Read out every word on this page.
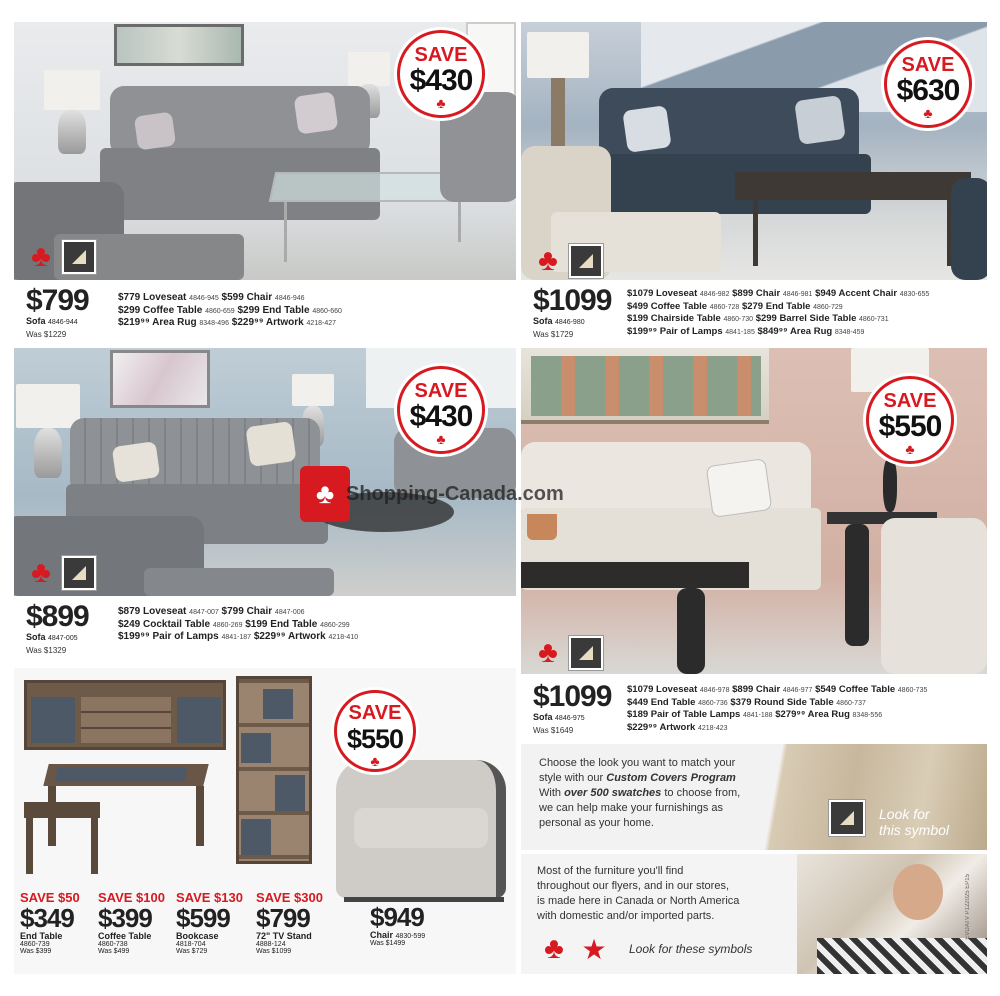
SAVE
$430
♣
♣
$799
Sofa 4846-944
Was $1229
$779 Loveseat 4846-945 $599 Chair 4846-946
$299 Coffee Table 4860-659 $299 End Table 4860-660
$219⁹⁹ Area Rug 8348-496 $229⁹⁹ Artwork 4218-427
SAVE
$630
♣
♣
$1099
Sofa 4846-980
Was $1729
$1079 Loveseat 4846-982 $899 Chair 4846-981 $949 Accent Chair 4830-655
$499 Coffee Table 4860-728 $279 End Table 4860-729
$199 Chairside Table 4860-730 $299 Barrel Side Table 4860-731
$199⁹⁹ Pair of Lamps 4841-185 $849⁹⁹ Area Rug 8348-459
SAVE
$430
♣
♣
$899
Sofa 4847-005
Was $1329
$879 Loveseat 4847-007 $799 Chair 4847-006
$249 Cocktail Table 4860-269 $199 End Table 4860-299
$199⁹⁹ Pair of Lamps 4841-187 $229⁹⁹ Artwork 4218-410
SAVE
$550
♣
♣
$1099
Sofa 4846-975
Was $1649
$1079 Loveseat 4846-978 $899 Chair 4846-977 $549 Coffee Table 4860-735
$449 End Table 4860-736 $379 Round Side Table 4860-737
$189 Pair of Table Lamps 4841-188 $279⁹⁹ Area Rug 8348-556
$229⁹⁹ Artwork 4218-423
SAVE
$550
♣
SAVE $50
$349
End Table
4860-739
Was $399
SAVE $100
$399
Coffee Table
4860-738
Was $499
SAVE $130
$599
Bookcase
4818-704
Was $729
SAVE $300
$799
72" TV Stand
4888-124
Was $1099
$949
Chair 4830-599
Was $1499
Choose the look you want to match your
style with our Custom Covers Program
With over 500 swatches to choose from,
we can help make your furnishings as
personal as your home.
Look for
this symbol
Most of the furniture you'll find
throughout our flyers, and in our stores,
is made here in Canada or North America
with domestic and/or imported parts.
♣ ★	Look for these symbols
EVDATV P122025 EP15
♣ Shopping-Canada.com
